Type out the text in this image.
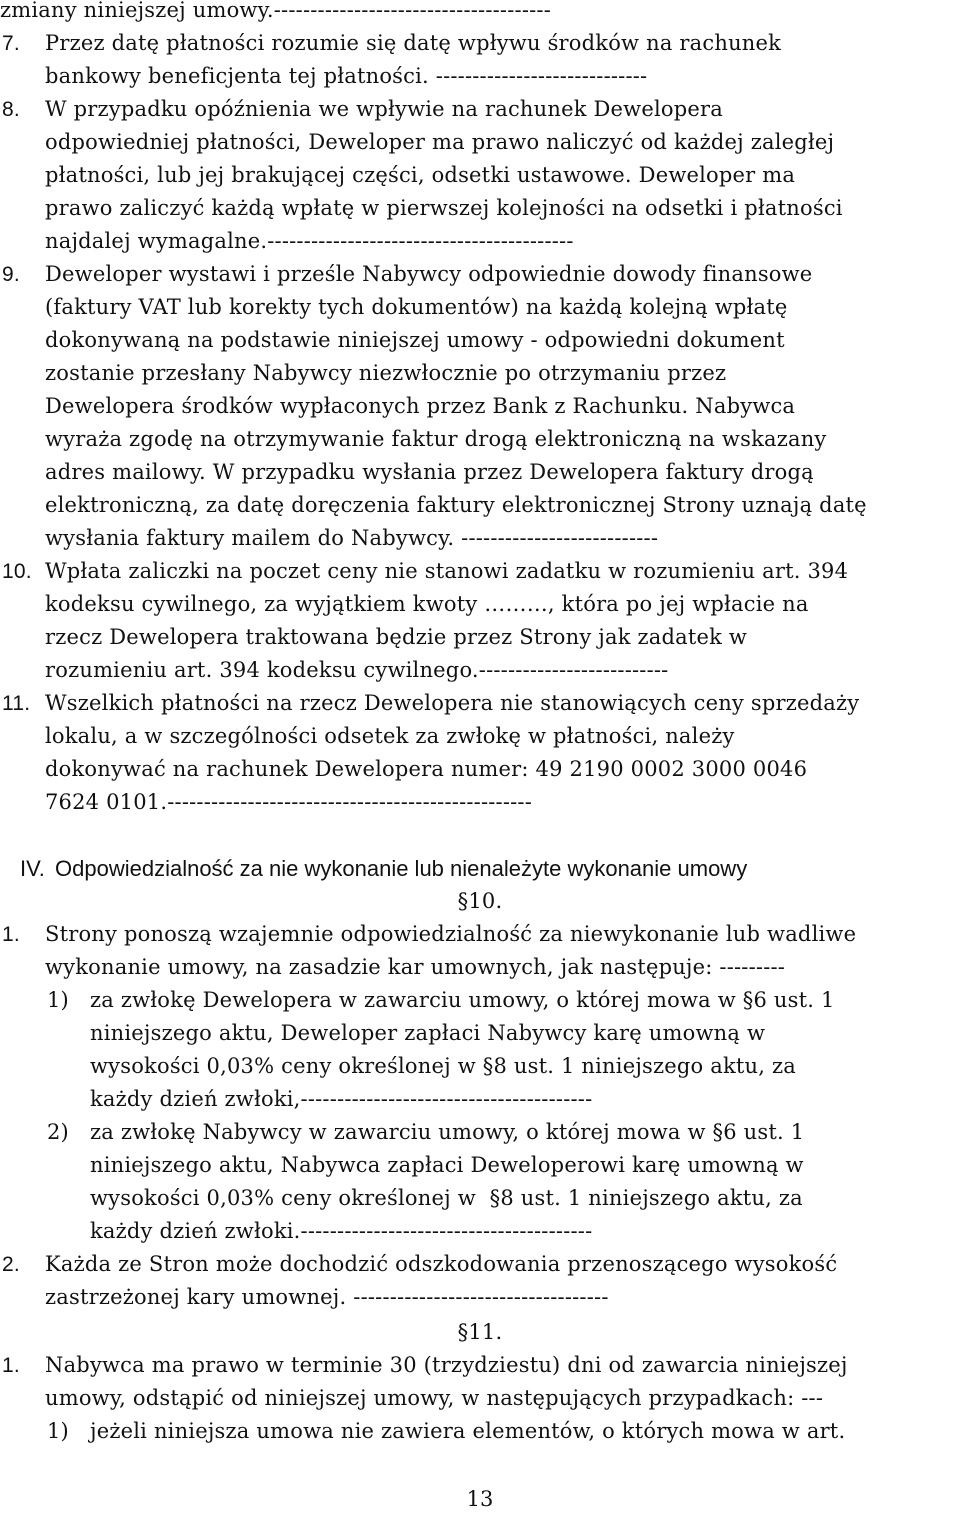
zmiany niniejszej umowy.--------------------------------------
7. Przez datę płatności rozumie się datę wpływu środków na rachunek
bankowy beneficjenta tej płatności. -----------------------------
8. W przypadku opóźnienia we wpływie na rachunek Dewelopera
odpowiedniej płatności, Deweloper ma prawo naliczyć od każdej zaległej
płatności, lub jej brakującej części, odsetki ustawowe. Deweloper ma
prawo zaliczyć każdą wpłatę w pierwszej kolejności na odsetki i płatności
najdalej wymagalne.------------------------------------------
9. Deweloper wystawi i prześle Nabywcy odpowiednie dowody finansowe
(faktury VAT lub korekty tych dokumentów) na każdą kolejną wpłatę
dokonywaną na podstawie niniejszej umowy - odpowiedni dokument
zostanie przesłany Nabywcy niezwłocznie po otrzymaniu przez
Dewelopera środków wypłaconych przez Bank z Rachunku. Nabywca
wyraża zgodę na otrzymywanie faktur drogą elektroniczną na wskazany
adres mailowy. W przypadku wysłania przez Dewelopera faktury drogą
elektroniczną, za datę doręczenia faktury elektronicznej Strony uznają datę
wysłania faktury mailem do Nabywcy. ---------------------------
10. Wpłata zaliczki na poczet ceny nie stanowi zadatku w rozumieniu art. 394
kodeksu cywilnego, za wyjątkiem kwoty ………, która po jej wpłacie na
rzecz Dewelopera traktowana będzie przez Strony jak zadatek w
rozumieniu art. 394 kodeksu cywilnego.--------------------------
11. Wszelkich płatności na rzecz Dewelopera nie stanowiących ceny sprzedaży
lokalu, a w szczególności odsetek za zwłokę w płatności, należy
dokonywać na rachunek Dewelopera numer: 49 2190 0002 3000 0046
7624 0101.--------------------------------------------------
IV. Odpowiedzialność za nie wykonanie lub nienależyte wykonanie umowy
§10.
1. Strony ponoszą wzajemnie odpowiedzialność za niewykonanie lub wadliwe
wykonanie umowy, na zasadzie kar umownych, jak następuje: ---------
1) za zwłokę Dewelopera w zawarciu umowy, o której mowa w §6 ust. 1
niniejszego aktu, Deweloper zapłaci Nabywcy karę umowną w
wysokości 0,03% ceny określonej w §8 ust. 1 niniejszego aktu, za
każdy dzień zwłoki,----------------------------------------
2) za zwłokę Nabywcy w zawarciu umowy, o której mowa w §6 ust. 1
niniejszego aktu, Nabywca zapłaci Deweloperowi karę umowną w
wysokości 0,03% ceny określonej w  §8 ust. 1 niniejszego aktu, za
każdy dzień zwłoki.----------------------------------------
2. Każda ze Stron może dochodzić odszkodowania przenoszącego wysokość
zastrzeżonej kary umownej. -----------------------------------
§11.
1. Nabywca ma prawo w terminie 30 (trzydziestu) dni od zawarcia niniejszej
umowy, odstąpić od niniejszej umowy, w następujących przypadkach: ---
1) jeżeli niniejsza umowa nie zawiera elementów, o których mowa w art.
13
